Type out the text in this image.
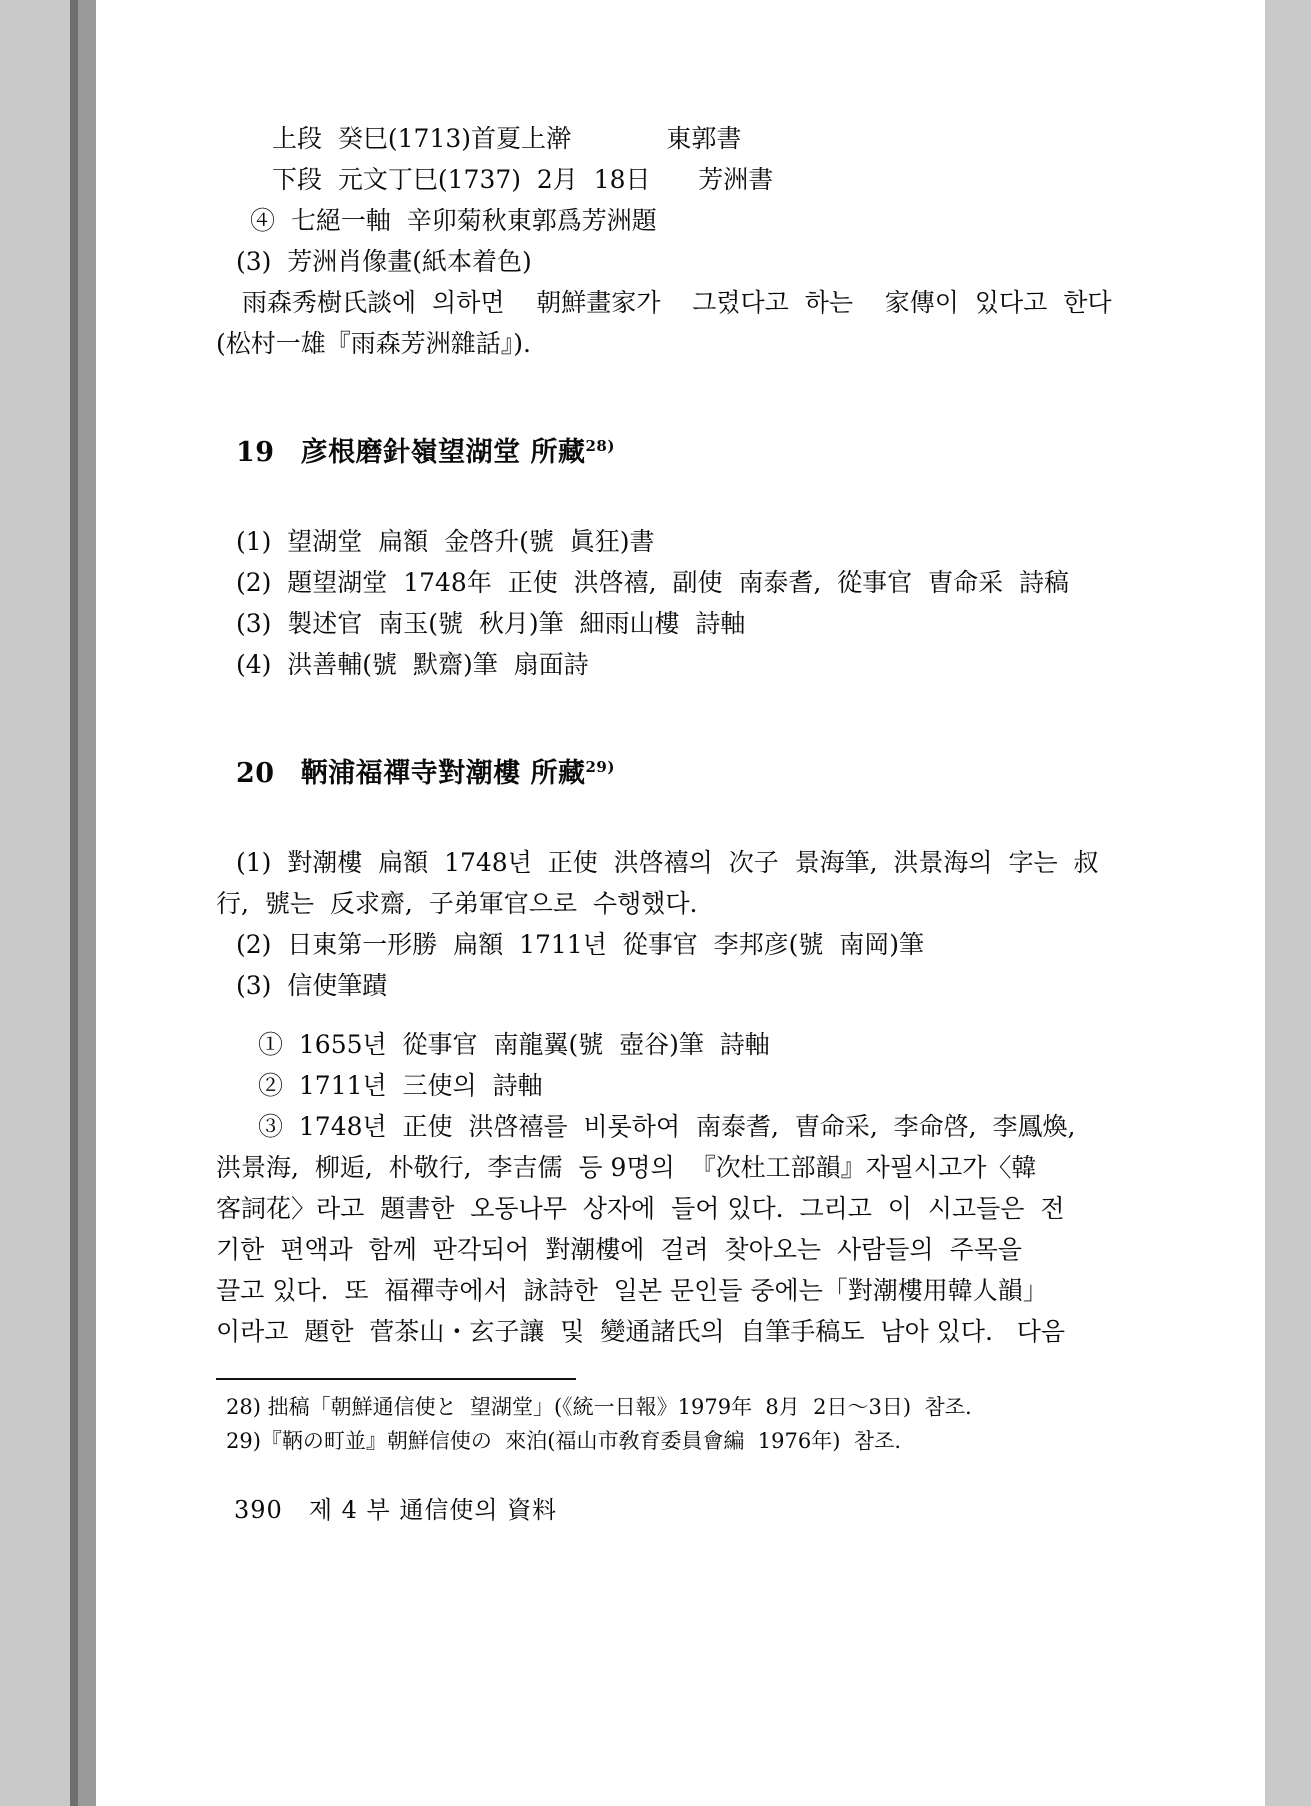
上段  癸巳(1713)首夏上澣            東郭書
下段  元文丁巳(1737)  2月  18日      芳洲書
④  七絕一軸  辛卯菊秋東郭爲芳洲題
(3)  芳洲肖像畫(紙本着色)
雨森秀樹氏談에  의하면    朝鮮畫家가    그렸다고  하는    家傳이  있다고  한다
(松村一雄『雨森芳洲雜話』).
19 彦根磨針嶺望湖堂 所藏$^{28)}$
(1)  望湖堂  扁額  金啓升(號  眞狂)書
(2)  題望湖堂  1748年  正使  洪啓禧,  副使  南泰耆,  從事官  曺命采  詩稿
(3)  製述官  南玉(號  秋月)筆  細雨山樓  詩軸
(4)  洪善輔(號  默齋)筆  扇面詩
20 鞆浦福禪寺對潮樓 所藏$^{29)}$
(1)  對潮樓  扁額  1748년  正使  洪啓禧의  次子  景海筆,  洪景海의  字는  叔
行,  號는  反求齋,  子弟軍官으로  수행했다.
(2)  日東第一形勝  扁額  1711년  從事官  李邦彦(號  南岡)筆
(3)  信使筆蹟
①  1655년  從事官  南龍翼(號  壺谷)筆  詩軸
②  1711년  三使의  詩軸
③  1748년  正使  洪啓禧를  비롯하여  南泰耆,  曺命采,  李命啓,  李鳳煥,
洪景海,  柳逅,  朴敬行,  李吉儒  등 9명의  『次杜工部韻』자필시고가〈韓
客詞花〉라고  題書한  오동나무  상자에  들어 있다.  그리고  이  시고들은  전
기한  편액과  함께  판각되어  對潮樓에  걸려  찾아오는  사람들의  주목을
끌고 있다.  또  福禪寺에서  詠詩한  일본 문인들 중에는「對潮樓用韓人韻」
이라고  題한  菅茶山・玄子讓  및  變通諸氏의  自筆手稿도  남아 있다.   다음
28) 拙稿「朝鮮通信使と  望湖堂」(《統一日報》1979年  8月  2日〜3日)  참조.
29)『鞆の町並』朝鮮信使の  來泊(福山市敎育委員會編  1976年)  참조.
390 제 4 부 通信使의 資料
